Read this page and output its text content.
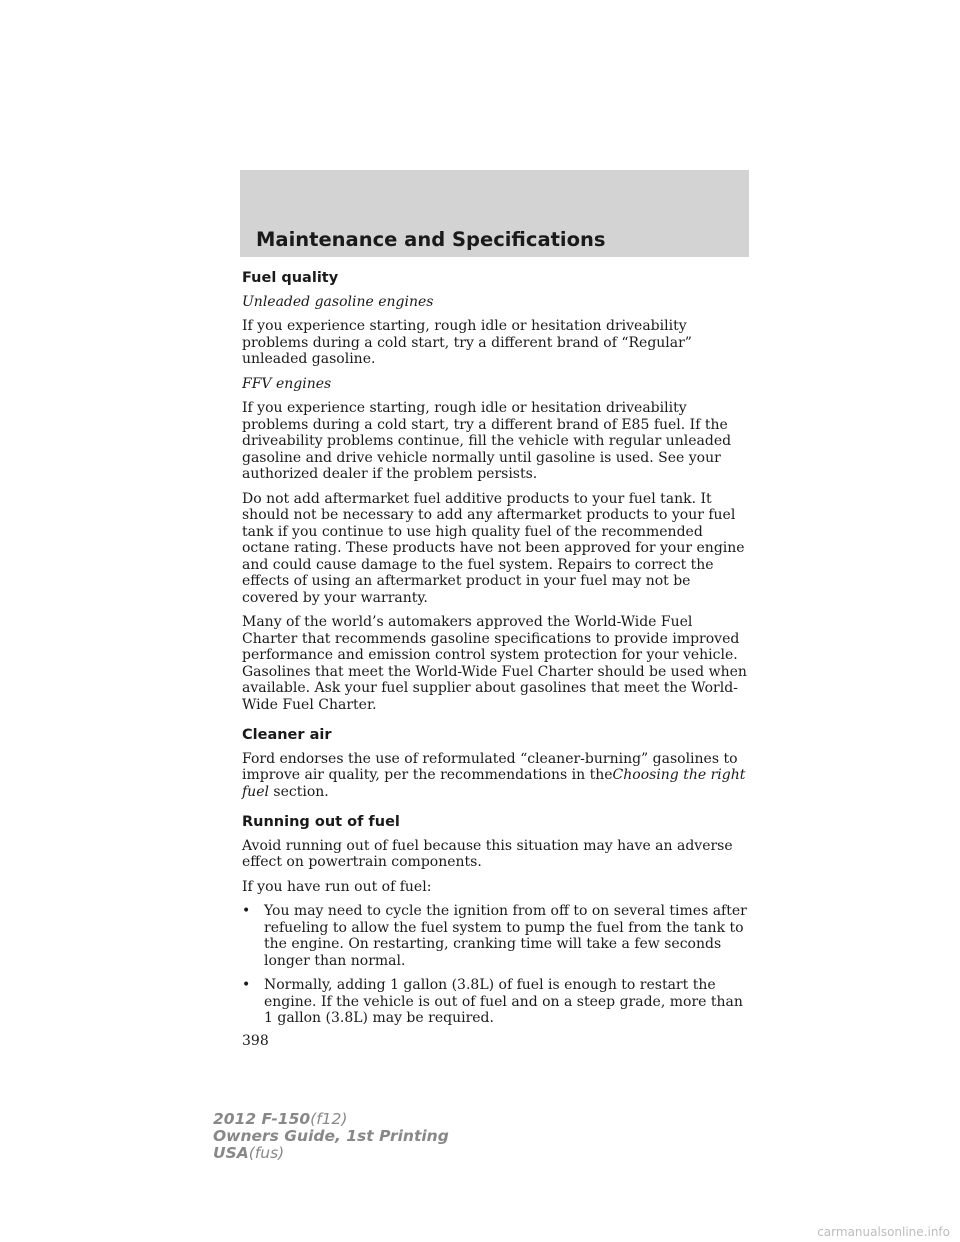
Maintenance and Specifications
Fuel quality

Unleaded gasoline engines

If you experience starting, rough idle or hesitation driveability problems during a cold start, try a different brand of “Regular” unleaded gasoline.

FFV engines

If you experience starting, rough idle or hesitation driveability problems during a cold start, try a different brand of E85 fuel. If the driveability problems continue, fill the vehicle with regular unleaded gasoline and drive vehicle normally until gasoline is used. See your authorized dealer if the problem persists.

Do not add aftermarket fuel additive products to your fuel tank. It should not be necessary to add any aftermarket products to your fuel tank if you continue to use high quality fuel of the recommended octane rating. These products have not been approved for your engine and could cause damage to the fuel system. Repairs to correct the effects of using an aftermarket product in your fuel may not be covered by your warranty.

Many of the world’s automakers approved the World-Wide Fuel Charter that recommends gasoline specifications to provide improved performance and emission control system protection for your vehicle. Gasolines that meet the World-Wide Fuel Charter should be used when available. Ask your fuel supplier about gasolines that meet the World-Wide Fuel Charter.

Cleaner air

Ford endorses the use of reformulated “cleaner-burning” gasolines to improve air quality, per the recommendations in theChoosing the right fuel section.

Running out of fuel

Avoid running out of fuel because this situation may have an adverse effect on powertrain components.

If you have run out of fuel:

• You may need to cycle the ignition from off to on several times after refueling to allow the fuel system to pump the fuel from the tank to the engine. On restarting, cranking time will take a few seconds longer than normal.
• Normally, adding 1 gallon (3.8L) of fuel is enough to restart the engine. If the vehicle is out of fuel and on a steep grade, more than 1 gallon (3.8L) may be required.
398
2012 F-150(f12)
Owners Guide, 1st Printing
USA(fus)
carmanualsonline.info
